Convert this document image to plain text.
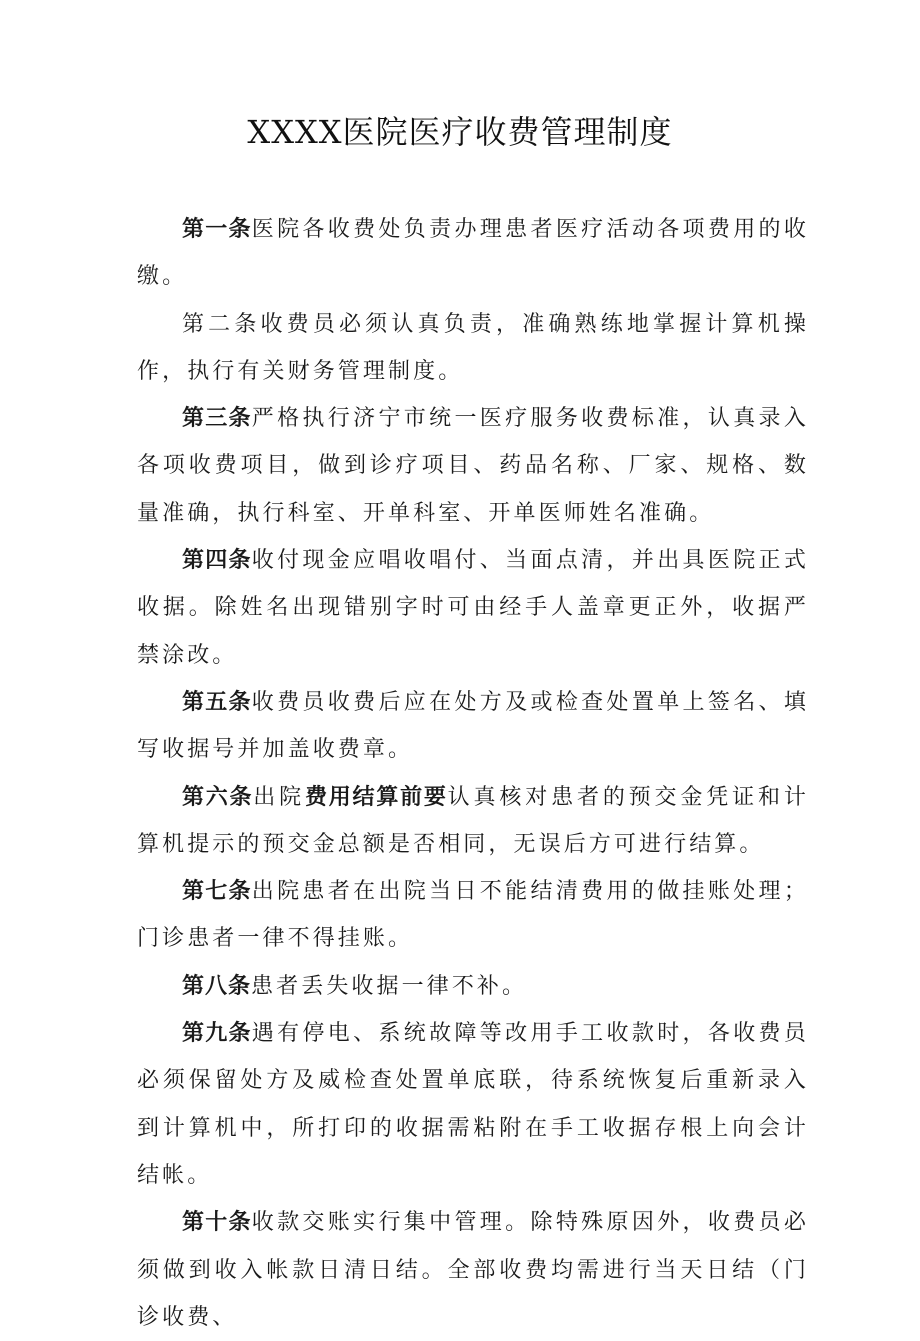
XXXX医院医疗收费管理制度

第一条医院各收费处负责办理患者医疗活动各项费用的收缴。

第二条收费员必须认真负责，准确熟练地掌握计算机操作，执行有关财务管理制度。

第三条严格执行济宁市统一医疗服务收费标准，认真录入各项收费项目，做到诊疗项目、药品名称、厂家、规格、数量准确，执行科室、开单科室、开单医师姓名准确。

第四条收付现金应唱收唱付、当面点清，并出具医院正式收据。除姓名出现错别字时可由经手人盖章更正外，收据严禁涂改。

第五条收费员收费后应在处方及或检查处置单上签名、填写收据号并加盖收费章。

第六条出院费用结算前要认真核对患者的预交金凭证和计算机提示的预交金总额是否相同，无误后方可进行结算。

第七条出院患者在出院当日不能结清费用的做挂账处理；门诊患者一律不得挂账。

第八条患者丢失收据一律不补。

第九条遇有停电、系统故障等改用手工收款时，各收费员必须保留处方及威检查处置单底联，待系统恢复后重新录入到计算机中，所打印的收据需粘附在手工收据存根上向会计结帐。

第十条收款交账实行集中管理。除特殊原因外，收费员必须做到收入帐款日清日结。全部收费均需进行当天日结（门诊收费、
